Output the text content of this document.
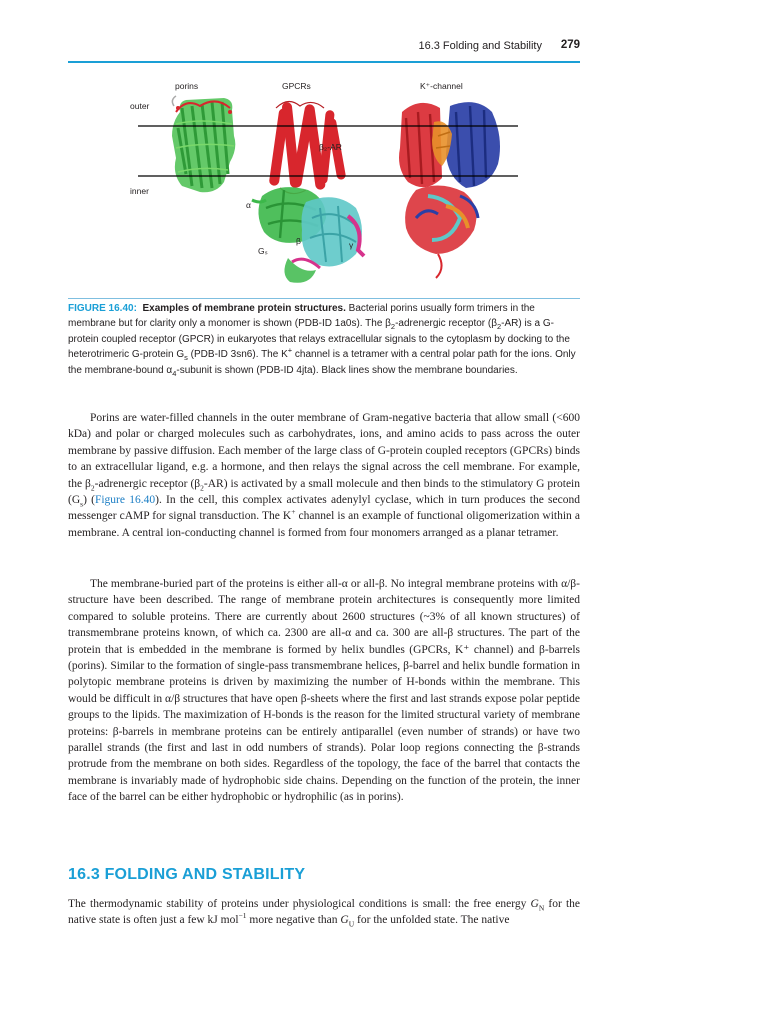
16.3 Folding and Stability 279
porins	GPCRs	K⁺-channel
outer
inner
β₂-AR
α
β	γ
Gₛ
FIGURE 16.40: Examples of membrane protein structures. Bacterial porins usually form trimers in the membrane but for clarity only a monomer is shown (PDB-ID 1a0s). The $\beta_2$-adrenergic receptor $(\beta_2-AR)$ is a G-protein coupled receptor (GPCR) in eukaryotes that relays extracellular signals to the cytoplasm by docking to the heterotrimeric G-protein $G_s$ (PDB-ID 3sn6). The K+ channel is a tetramer with a central polar path for the ions. Only the membrane-bound $\alpha_4$-subunit is shown (PDB-ID 4jta). Black lines show the membrane boundaries.

Porins are water-filled channels in the outer membrane of Gram-negative bacteria that allow small (<600 kDa) and polar or charged molecules such as carbohydrates, ions, and amino acids to pass across the outer membrane by passive diffusion. Each member of the large class of G-protein coupled receptors (GPCRs) binds to an extracellular ligand, e.g. a hormone, and then relays the signal across the cell membrane. For example, the $\beta_2$-adrenergic receptor $(\beta_2-AR)$ is activated by a small molecule and then binds to the stimulatory G protein $(G_s)$ (Figure 16.40). In the cell, this complex activates adenylyl cyclase, which in turn produces the second messenger cAMP for signal transduction. The K+ channel is an example of functional oligomerization within a membrane. A central ion-conducting channel is formed from four monomers arranged as a planar tetramer.

The membrane-buried part of the proteins is either all-α or all-β. No integral membrane proteins with α/β-structure have been described. The range of membrane protein architectures is consequently more limited compared to soluble proteins. There are currently about 2600 structures (~3% of all known structures) of transmembrane proteins known, of which ca. 2300 are all-α and ca. 300 are all-β structures. The part of the protein that is embedded in the membrane is formed by helix bundles (GPCRs, K⁺ channel) and β-barrels (porins). Similar to the formation of single-pass transmembrane helices, β-barrel and helix bundle formation in polytopic membrane proteins is driven by maximizing the number of H-bonds within the membrane. This would be difficult in α/β structures that have open β-sheets where the first and last strands expose polar peptide groups to the lipids. The maximization of H-bonds is the reason for the limited structural variety of membrane proteins: β-barrels in membrane proteins can be entirely antiparallel (even number of strands) or have two parallel strands (the first and last in odd numbers of strands). Polar loop regions connecting the β-strands protrude from the membrane on both sides. Regardless of the topology, the face of the barrel that contacts the membrane is invariably made of hydrophobic side chains. Depending on the function of the protein, the inner face of the barrel can be either hydrophobic or hydrophilic (as in porins).

16.3 FOLDING AND STABILITY

The thermodynamic stability of proteins under physiological conditions is small: the free energy $G_N$ for the native state is often just a few kJ mol$^{-1}$ more negative than $G_U$ for the unfolded state. The native
